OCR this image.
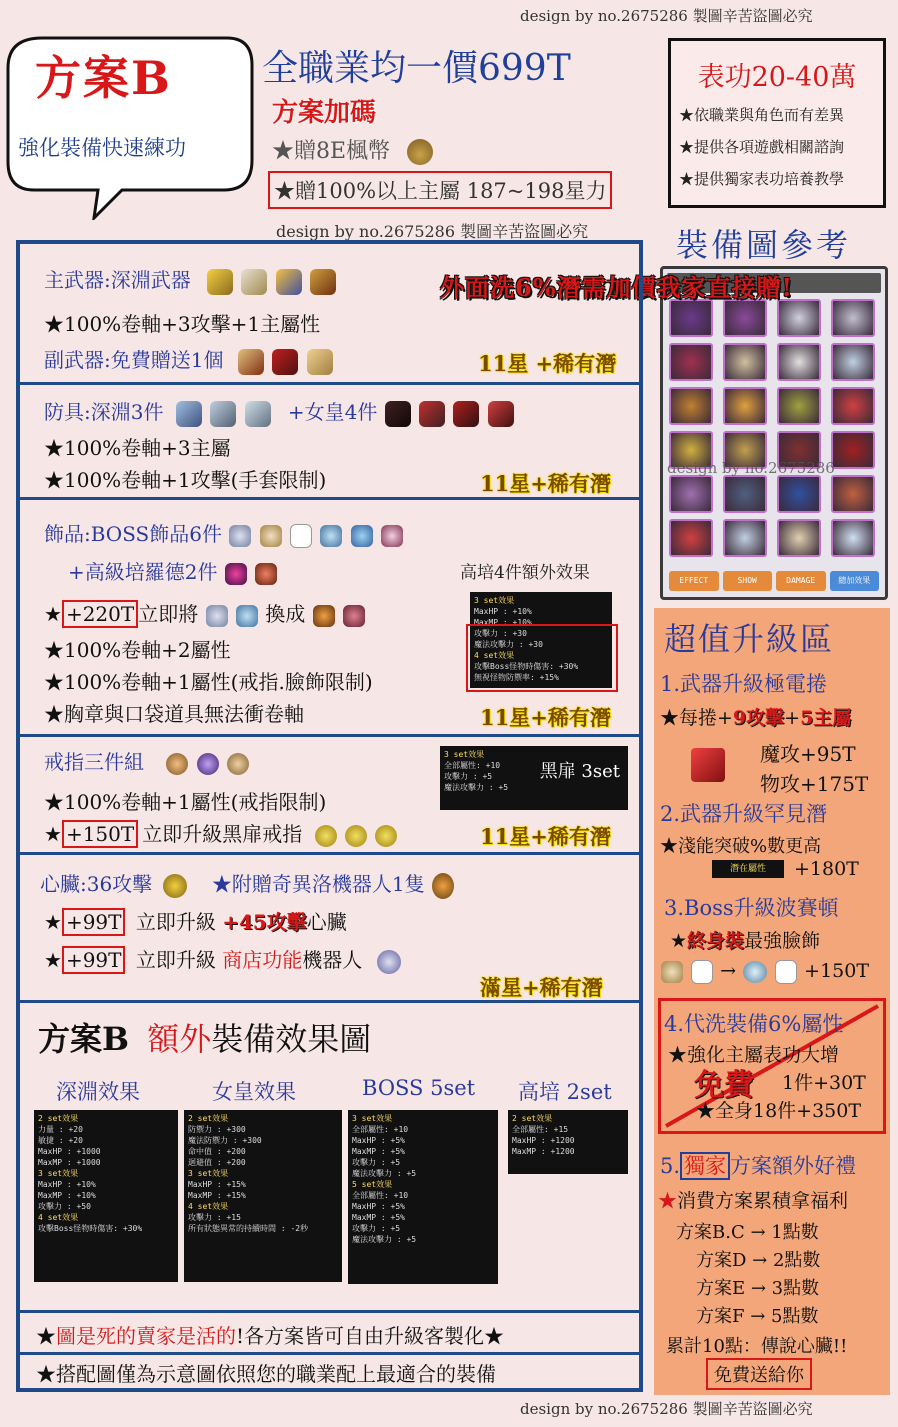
design by no.2675286 製圖辛苦盜圖必究
方案B
強化裝備快速練功
全職業均一價699T
方案加碼
★贈8E楓幣
★贈100%以上主屬 187~198星力
design by no.2675286 製圖辛苦盜圖必究
表功20-40萬
★依職業與角色而有差異
★提供各項遊戲相關諮詢
★提供獨家表功培養教學
裝備圖參考
EFFECT	SHOW	DAMAGE	總加效果
design by no.2675286
外面洗6%潛需加價我家直接贈!
主武器:深淵武器
★100%卷軸+3攻擊+1主屬性
副武器:免費贈送1個	11星 +稀有潛
防具:深淵3件	+女皇4件
★100%卷軸+3主屬
★100%卷軸+1攻擊(手套限制)	11星+稀有潛
飾品:BOSS飾品6件
+高級培羅德2件	高培4件額外效果
3 set效果
MaxHP : +10%
MaxMP : +10%
攻擊力 : +30
魔法攻擊力 : +30
4 set效果
攻擊Boss怪物時傷害: +30%
無視怪物防禦率: +15%
★ +220T 立即將	換成
★100%卷軸+2屬性
★100%卷軸+1屬性(戒指.臉飾限制)
★胸章與口袋道具無法衝卷軸	11星+稀有潛
戒指三件組	3 set效果
全部屬性: +10
攻擊力 : +5
魔法攻擊力 : +5
黑扉 3set
★100%卷軸+1屬性(戒指限制)
★ +150T 立即升級黑扉戒指	11星+稀有潛
心臟:36攻擊	★附贈奇異洛機器人1隻
★ +99T 立即升級 +45攻擊心臟
★ +99T 立即升級 商店功能機器人
滿星+稀有潛
方案B 額外裝備效果圖
深淵效果	女皇效果	BOSS 5set 高培 2set
2 set效果
力量 : +20
敏捷 : +20
MaxHP : +1000
MaxMP : +1000
3 set效果
MaxHP : +10%
MaxMP : +10%
攻擊力 : +50
4 set效果
攻擊Boss怪物時傷害: +30%
2 set效果
防禦力 : +300
魔法防禦力 : +300
命中值 : +200
迴避值 : +200
3 set效果
MaxHP : +15%
MaxMP : +15%
4 set效果
攻擊力 : +15
所有狀態異常的持續時間 : -2秒
3 set效果
全部屬性: +10
MaxHP : +5%
MaxMP : +5%
攻擊力 : +5
魔法攻擊力 : +5
5 set效果
全部屬性: +10
MaxHP : +5%
MaxMP : +5%
攻擊力 : +5
魔法攻擊力 : +5
2 set效果
全部屬性: +15
MaxHP : +1200
MaxMP : +1200
★圖是死的賣家是活的!各方案皆可自由升級客製化★
★搭配圖僅為示意圖依照您的職業配上最適合的裝備
design by no.2675286 製圖辛苦盜圖必究
超值升級區
1.武器升級極電捲
★每捲+9攻擊+5主屬
魔攻+95T
物攻+175T
2.武器升級罕見潛
★淺能突破%數更高
潛在屬性	+180T
3.Boss升級波賽頓
★終身裝最強臉飾
→	+150T
4.代洗裝備6%屬性
★強化主屬表功大增
免費 1件+30T
★全身18件+350T
5. 獨家 方案額外好禮
★消費方案累積拿福利
方案B.C → 1點數
方案D → 2點數
方案E → 3點數
方案F → 5點數
累計10點：傳說心臟!!
免費送給你
